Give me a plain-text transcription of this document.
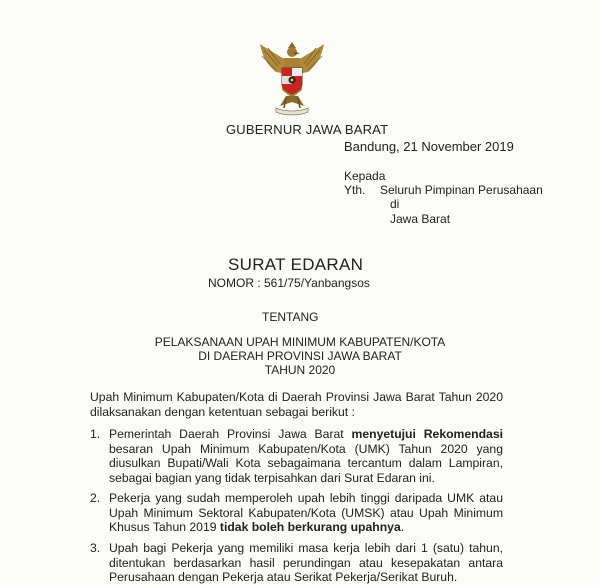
GUBERNUR JAWA BARAT
Bandung, 21 November 2019
Kepada
Yth. Seluruh Pimpinan Perusahaan
di
Jawa Barat
SURAT EDARAN
NOMOR : 561/75/Yanbangsos
TENTANG
PELAKSANAAN UPAH MINIMUM KABUPATEN/KOTA
DI DAERAH PROVINSI JAWA BARAT
TAHUN 2020
Upah Minimum Kabupaten/Kota di Daerah Provinsi Jawa Barat Tahun 2020 dilaksanakan dengan ketentuan sebagai berikut :
1. Pemerintah Daerah Provinsi Jawa Barat menyetujui Rekomendasi besaran Upah Minimum Kabupaten/Kota (UMK) Tahun 2020 yang diusulkan Bupati/Wali Kota sebagaimana tercantum dalam Lampiran, sebagai bagian yang tidak terpisahkan dari Surat Edaran ini.
2. Pekerja yang sudah memperoleh upah lebih tinggi daripada UMK atau Upah Minimum Sektoral Kabupaten/Kota (UMSK) atau Upah Minimum Khusus Tahun 2019 tidak boleh berkurang upahnya.
3. Upah bagi Pekerja yang memiliki masa kerja lebih dari 1 (satu) tahun, ditentukan berdasarkan hasil perundingan atau kesepakatan antara Perusahaan dengan Pekerja atau Serikat Pekerja/Serikat Buruh.
